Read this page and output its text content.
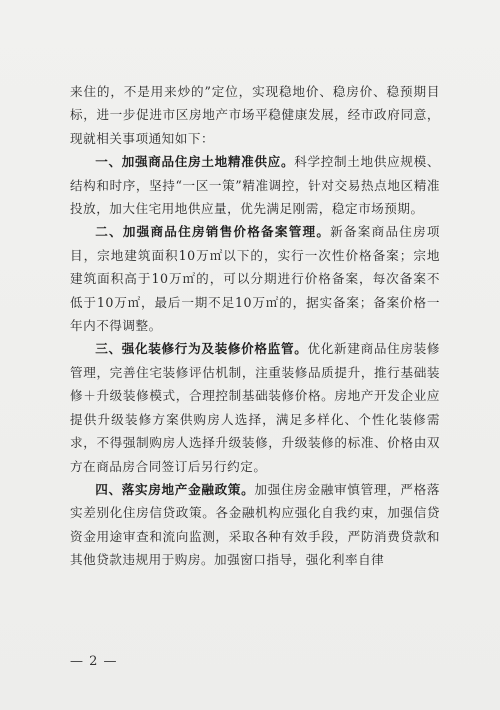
来住的，不是用来炒的”定位，实现稳地价、稳房价、稳预期目标，进一步促进市区房地产市场平稳健康发展，经市政府同意，现就相关事项通知如下：

一、加强商品住房土地精准供应。科学控制土地供应规模、结构和时序，坚持“一区一策”精准调控，针对交易热点地区精准投放，加大住宅用地供应量，优先满足刚需，稳定市场预期。

二、加强商品住房销售价格备案管理。新备案商品住房项目，宗地建筑面积10万㎡以下的，实行一次性价格备案；宗地建筑面积高于10万㎡的，可以分期进行价格备案，每次备案不低于10万㎡，最后一期不足10万㎡的，据实备案；备案价格一年内不得调整。

三、强化装修行为及装修价格监管。优化新建商品住房装修管理，完善住宅装修评估机制，注重装修品质提升，推行基础装修＋升级装修模式，合理控制基础装修价格。房地产开发企业应提供升级装修方案供购房人选择，满足多样化、个性化装修需求，不得强制购房人选择升级装修，升级装修的标准、价格由双方在商品房合同签订后另行约定。

四、落实房地产金融政策。加强住房金融审慎管理，严格落实差别化住房信贷政策。各金融机构应强化自我约束，加强信贷资金用途审查和流向监测，采取各种有效手段，严防消费贷款和其他贷款违规用于购房。加强窗口指导，强化利率自律

— 2 —
